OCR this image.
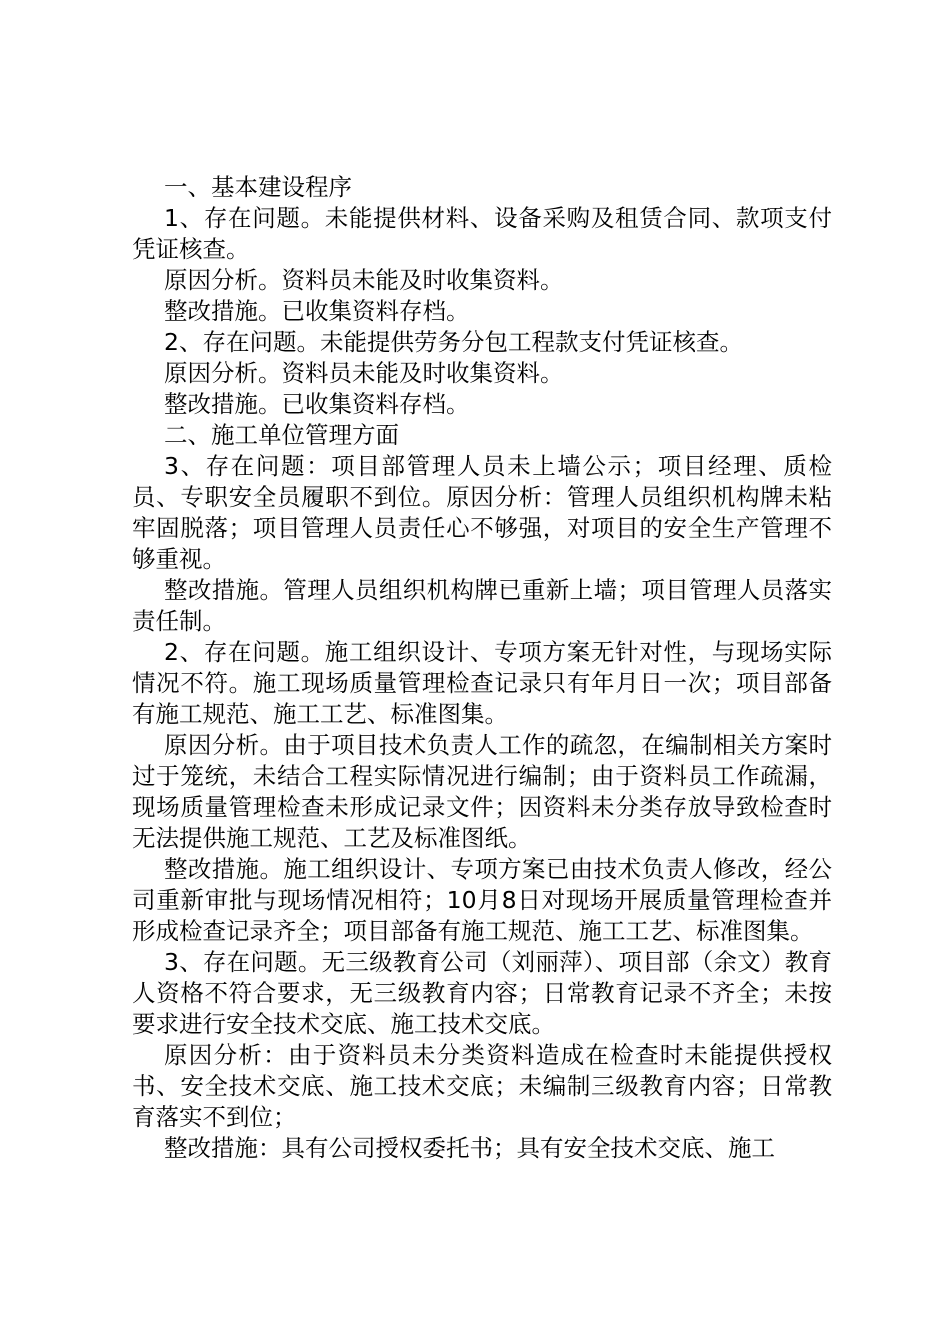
一、基本建设程序

1、存在问题。未能提供材料、设备采购及租赁合同、款项支付凭证核查。

原因分析。资料员未能及时收集资料。

整改措施。已收集资料存档。

2、存在问题。未能提供劳务分包工程款支付凭证核查。

原因分析。资料员未能及时收集资料。

整改措施。已收集资料存档。

二、施工单位管理方面

3、存在问题：项目部管理人员未上墙公示；项目经理、质检员、专职安全员履职不到位。原因分析：管理人员组织机构牌未粘牢固脱落；项目管理人员责任心不够强，对项目的安全生产管理不够重视。

整改措施。管理人员组织机构牌已重新上墙；项目管理人员落实责任制。

2、存在问题。施工组织设计、专项方案无针对性，与现场实际情况不符。施工现场质量管理检查记录只有年月日一次；项目部备有施工规范、施工工艺、标准图集。

原因分析。由于项目技术负责人工作的疏忽，在编制相关方案时过于笼统，未结合工程实际情况进行编制；由于资料员工作疏漏，现场质量管理检查未形成记录文件；因资料未分类存放导致检查时无法提供施工规范、工艺及标准图纸。

整改措施。施工组织设计、专项方案已由技术负责人修改，经公司重新审批与现场情况相符；10月8日对现场开展质量管理检查并形成检查记录齐全；项目部备有施工规范、施工工艺、标准图集。

3、存在问题。无三级教育公司（刘丽萍）、项目部（余文）教育人资格不符合要求，无三级教育内容；日常教育记录不齐全；未按要求进行安全技术交底、施工技术交底。

原因分析：由于资料员未分类资料造成在检查时未能提供授权书、安全技术交底、施工技术交底；未编制三级教育内容；日常教育落实不到位；

整改措施：具有公司授权委托书；具有安全技术交底、施工
